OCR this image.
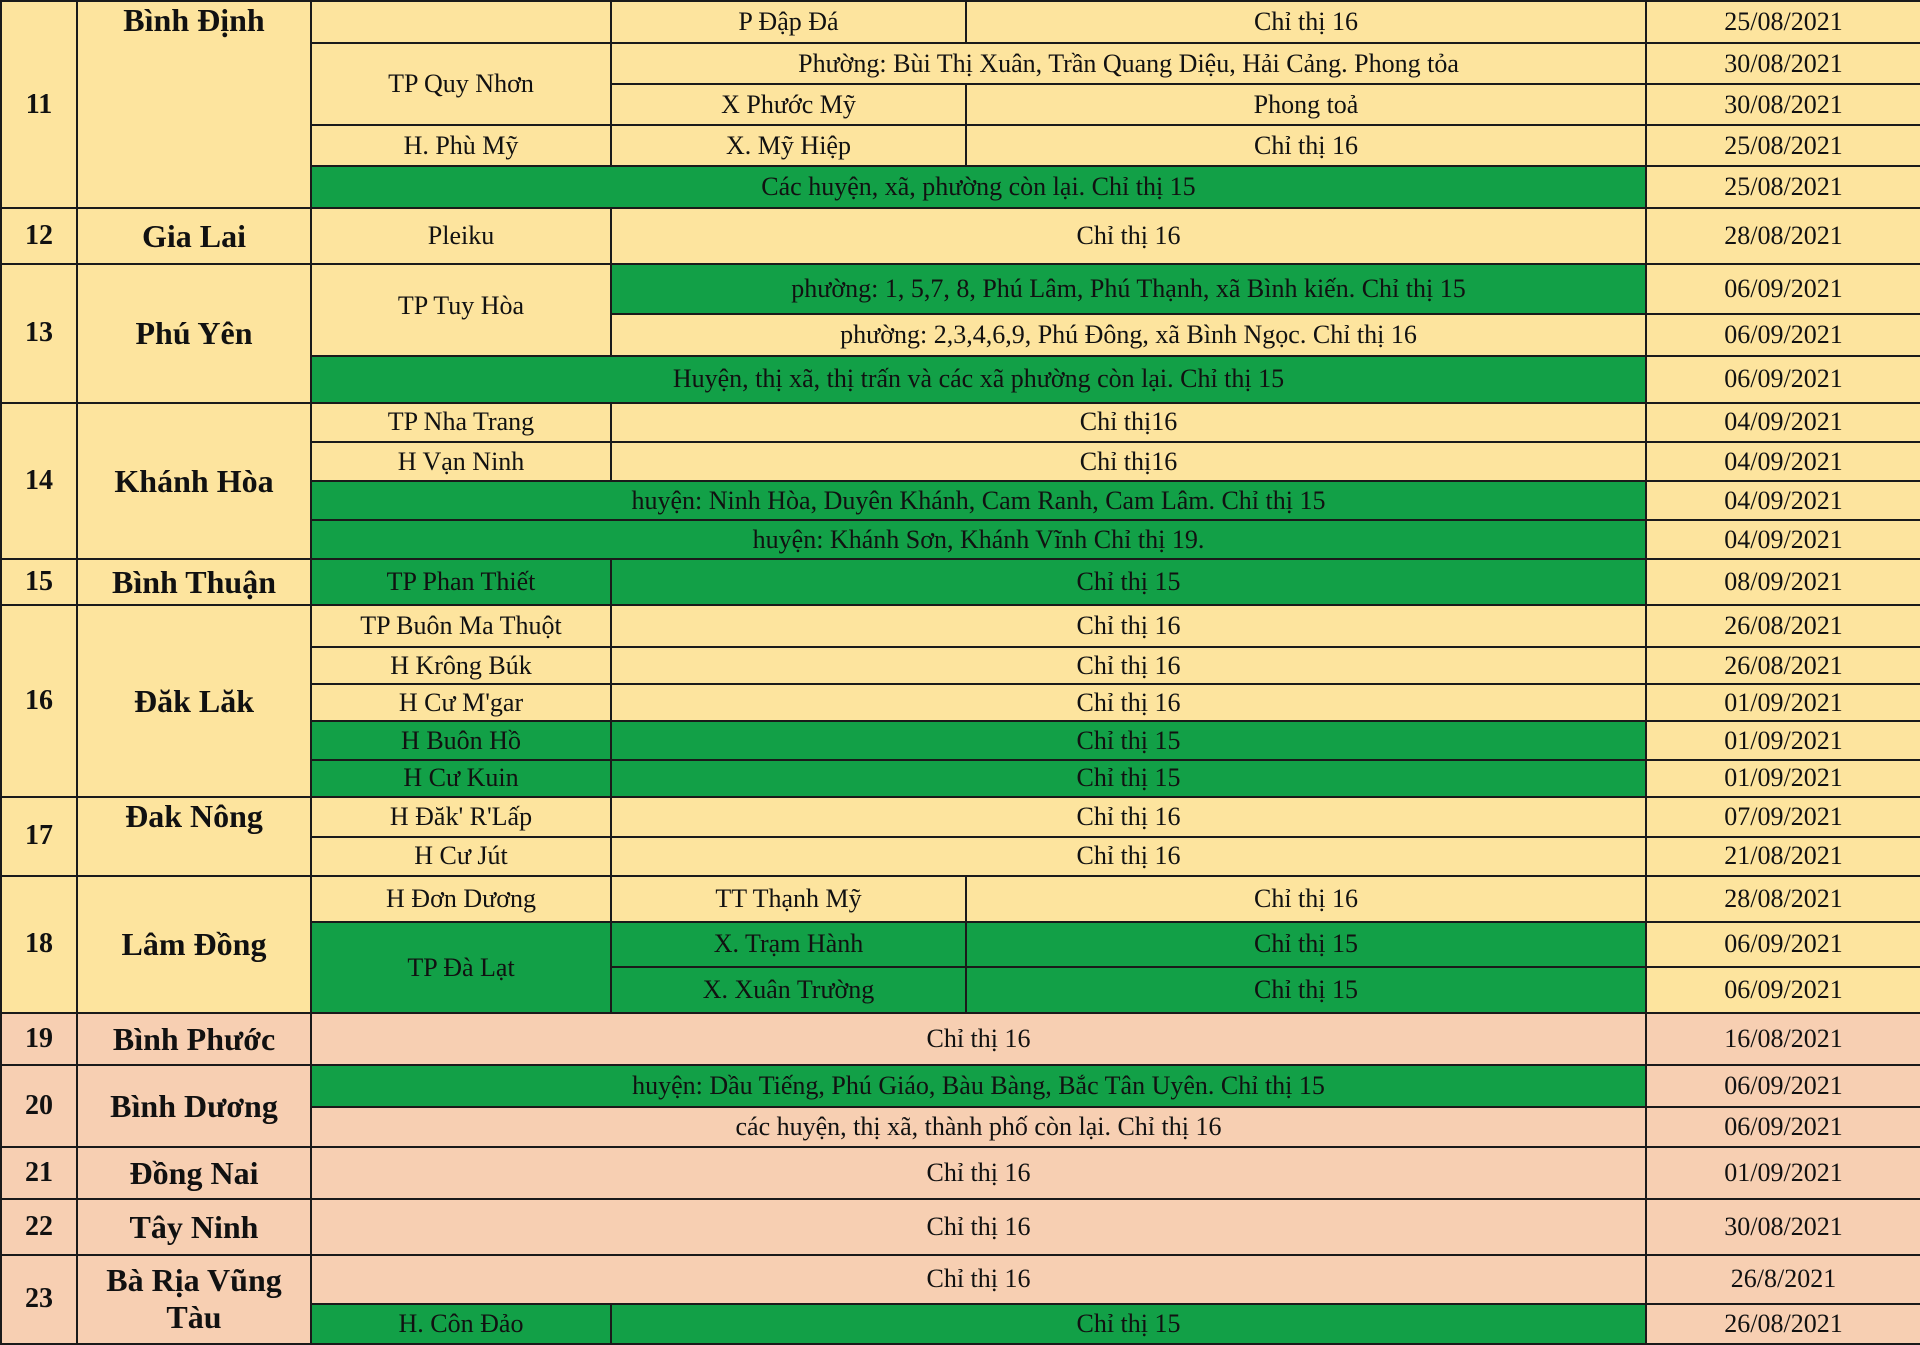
11	Bình Định		P Đập Đá	Chỉ thị 16	25/08/2021
		TP Quy Nhơn	Phường: Bùi Thị Xuân, Trần Quang Diệu, Hải Cảng. Phong tỏa		30/08/2021
			X Phước Mỹ	Phong toả	30/08/2021
		H. Phù Mỹ	X. Mỹ Hiệp	Chỉ thị 16	25/08/2021
		Các huyện, xã, phường còn lại. Chỉ thị 15			25/08/2021
12	Gia Lai	Pleiku	Chỉ thị 16		28/08/2021
13	Phú Yên	TP Tuy Hòa	phường: 1, 5,7, 8, Phú Lâm, Phú Thạnh, xã Bình kiến. Chỉ thị 15		06/09/2021
			phường: 2,3,4,6,9, Phú Đông, xã Bình Ngọc. Chỉ thị 16		06/09/2021
		Huyện, thị xã, thị trấn và các xã phường còn lại. Chỉ thị 15			06/09/2021
14	Khánh Hòa	TP Nha Trang	Chỉ thị16		04/09/2021
		H Vạn Ninh	Chỉ thị16		04/09/2021
		huyện: Ninh Hòa, Duyên Khánh, Cam Ranh, Cam Lâm. Chỉ thị 15			04/09/2021
		huyện: Khánh Sơn, Khánh Vĩnh Chỉ thị 19.			04/09/2021
15	Bình Thuận	TP Phan Thiết	Chỉ thị 15		08/09/2021
16	Đăk Lăk	TP Buôn Ma Thuột	Chỉ thị 16		26/08/2021
		H Krông Búk	Chỉ thị 16		26/08/2021
		H Cư M'gar	Chỉ thị 16		01/09/2021
		H Buôn Hồ	Chỉ thị 15		01/09/2021
		H Cư Kuin	Chỉ thị 15		01/09/2021
17	Đak Nông	H Đăk' R'Lấp	Chỉ thị 16		07/09/2021
		H Cư Jút	Chỉ thị 16		21/08/2021
18	Lâm Đồng	H Đơn Dương	TT Thạnh Mỹ	Chỉ thị 16	28/08/2021
		TP Đà Lạt	X. Trạm Hành	Chỉ thị 15	06/09/2021
			X. Xuân Trường	Chỉ thị 15	06/09/2021
19	Bình Phước	Chỉ thị 16			16/08/2021
20	Bình Dương	huyện: Dầu Tiếng, Phú Giáo, Bàu Bàng, Bắc Tân Uyên. Chỉ thị 15			06/09/2021
		các huyện, thị xã, thành phố còn lại. Chỉ thị 16			06/09/2021
21	Đồng Nai	Chỉ thị 16			01/09/2021
22	Tây Ninh	Chỉ thị 16			30/08/2021
23	Bà Rịa Vũng Tàu	Chỉ thị 16			26/8/2021
		H. Côn Đảo	Chỉ thị 15		26/08/2021
